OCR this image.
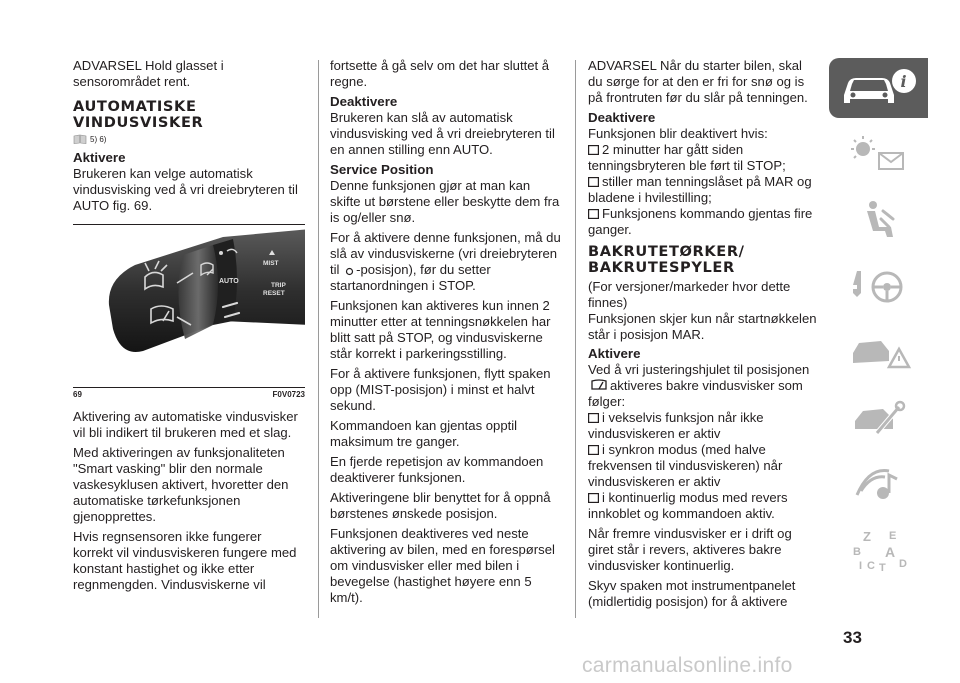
ADVARSEL Hold glasset i sensorområdet rent.

AUTOMATISKE VINDUSVISKER
5) 6)
Aktivere

Brukeren kan velge automatisk vindusvisking ved å vri dreiebryteren til AUTO fig. 69.

AUTO
MIST
TRIP
RESET
69	F0V0723

Aktivering av automatiske vindusvisker vil bli indikert til brukeren med et slag.

Med aktiveringen av funksjonaliteten "Smart vasking" blir den normale vaskesyklusen aktivert, hvoretter den automatiske tørkefunksjonen gjenopprettes.

Hvis regnsensoren ikke fungerer korrekt vil vindusviskeren fungere med konstant hastighet og ikke etter regnmengden. Vindusviskerne vil

fortsette å gå selv om det har sluttet å regne.

Deaktivere

Brukeren kan slå av automatisk vindusvisking ved å vri dreiebryteren til en annen stilling enn AUTO.

Service Position

Denne funksjonen gjør at man kan skifte ut børstene eller beskytte dem fra is og/eller snø.

For å aktivere denne funksjonen, må du slå av vindusviskerne (vri dreiebryteren til -posisjon), før du setter startanordningen i STOP.

Funksjonen kan aktiveres kun innen 2 minutter etter at tenningsnøkkelen har blitt satt på STOP, og vindusviskerne står korrekt i parkeringsstilling.

For å aktivere funksjonen, flytt spaken opp (MIST-posisjon) i minst et halvt sekund.

Kommandoen kan gjentas opptil maksimum tre ganger.

En fjerde repetisjon av kommandoen deaktiverer funksjonen.

Aktiveringene blir benyttet for å oppnå børstenes ønskede posisjon.

Funksjonen deaktiveres ved neste aktivering av bilen, med en forespørsel om vindusvisker eller med bilen i bevegelse (hastighet høyere enn 5 km/t).

ADVARSEL Når du starter bilen, skal du sørge for at den er fri for snø og is på frontruten før du slår på tenningen.

Deaktivere

Funksjonen blir deaktivert hvis:

2 minutter har gått siden tenningsbryteren ble ført til STOP;

stiller man tenningslåset på MAR og bladene i hvilestilling;

Funksjonens kommando gjentas fire ganger.

BAKRUTETØRKER/ BAKRUTESPYLER

(For versjoner/markeder hvor dette finnes)

Funksjonen skjer kun når startnøkkelen står i posisjon MAR.

Aktivere

Ved å vri justeringshjulet til posisjonen
aktiveres bakre vindusvisker som følger:

i vekselvis funksjon når ikke vindusviskeren er aktiv

i synkron modus (med halve frekvensen til vindusviskeren) når vindusviskeren er aktiv

i kontinuerlig modus med revers innkoblet og kommandoen aktiv.

Når fremre vindusvisker er i drift og giret står i revers, aktiveres bakre vindusvisker kontinuerlig.

Skyv spaken mot instrumentpanelet (midlertidig posisjon) for å aktivere

i
Z E
B A
I C T D
33
carmanualsonline.info
